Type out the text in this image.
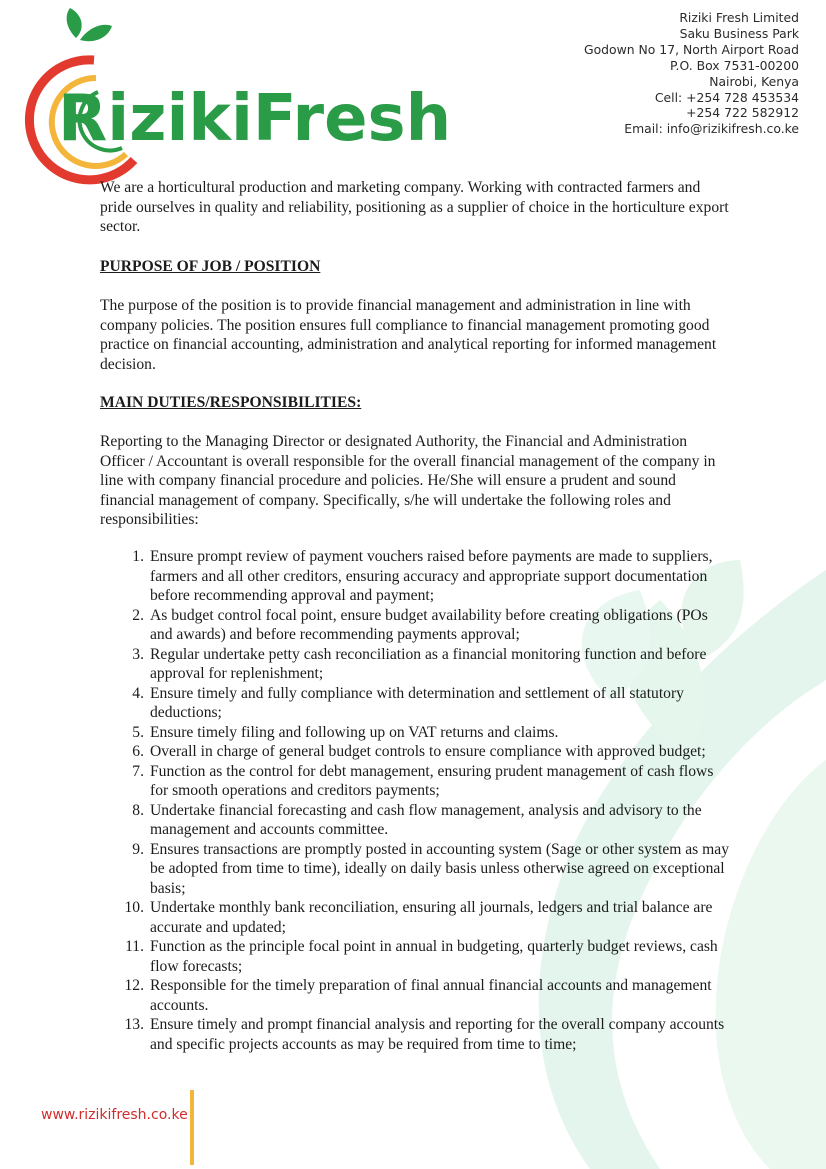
RizikiFresh
Riziki Fresh Limited
Saku Business Park
Godown No 17, North Airport Road
P.O. Box 7531-00200
Nairobi, Kenya
Cell: +254 728 453534
+254 722 582912
Email: info@rizikifresh.co.ke

We are a horticultural production and marketing company. Working with contracted farmers and pride ourselves in quality and reliability, positioning as a supplier of choice in the horticulture export sector.

PURPOSE OF JOB / POSITION

The purpose of the position is to provide financial management and administration in line with company policies. The position ensures full compliance to financial management promoting good practice on financial accounting, administration and analytical reporting for informed management decision.

MAIN DUTIES/RESPONSIBILITIES:

Reporting to the Managing Director or designated Authority, the Financial and Administration Officer / Accountant is overall responsible for the overall financial management of the company in line with company financial procedure and policies. He/She will ensure a prudent and sound financial management of company. Specifically, s/he will undertake the following roles and responsibilities:

1. Ensure prompt review of payment vouchers raised before payments are made to suppliers, farmers and all other creditors, ensuring accuracy and appropriate support documentation before recommending approval and payment;
2. As budget control focal point, ensure budget availability before creating obligations (POs and awards) and before recommending payments approval;
3. Regular undertake petty cash reconciliation as a financial monitoring function and before approval for replenishment;
4. Ensure timely and fully compliance with determination and settlement of all statutory deductions;
5. Ensure timely filing and following up on VAT returns and claims.
6. Overall in charge of general budget controls to ensure compliance with approved budget;
7. Function as the control for debt management, ensuring prudent management of cash flows for smooth operations and creditors payments;
8. Undertake financial forecasting and cash flow management, analysis and advisory to the management and accounts committee.
9. Ensures transactions are promptly posted in accounting system (Sage or other system as may be adopted from time to time), ideally on daily basis unless otherwise agreed on exceptional basis;
10. Undertake monthly bank reconciliation, ensuring all journals, ledgers and trial balance are accurate and updated;
11. Function as the principle focal point in annual in budgeting, quarterly budget reviews, cash flow forecasts;
12. Responsible for the timely preparation of final annual financial accounts and management accounts.
13. Ensure timely and prompt financial analysis and reporting for the overall company accounts and specific projects accounts as may be required from time to time;
www.rizikifresh.co.ke
